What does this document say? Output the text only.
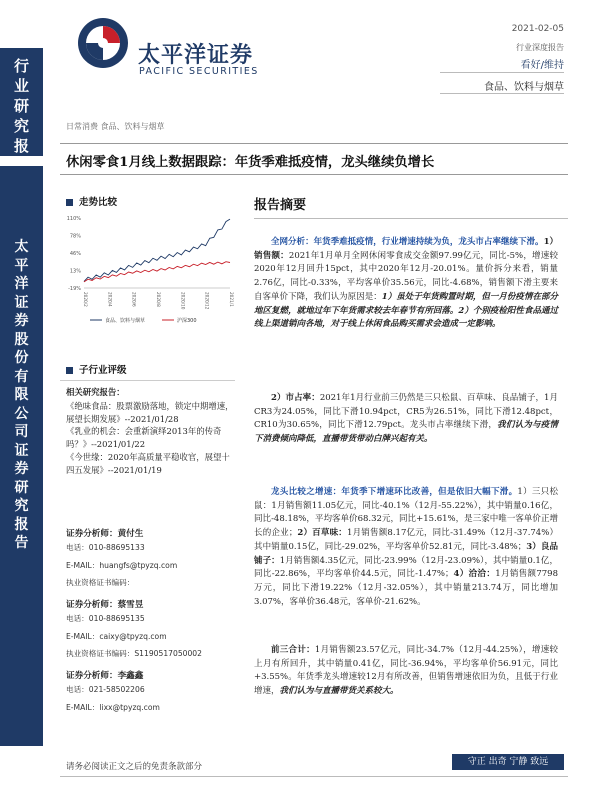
行
业
研
究
报
太
平
洋
证
券
股
份
有
限
公
司
证
券
研
究
报
告
太平洋证券
PACIFIC SECURITIES
2021-02-05
行业深度报告
看好/维持
食品、饮料与烟草
日常消费 食品、饮料与烟草
休闲零食1月线上数据跟踪：年货季难抵疫情，龙头继续负增长
走势比较
110%
78%
46%
13%
-19%
2020/2	2020/4	2020/6	2020/8	2020/10	2020/12	2021/1
食品、饮料与烟草	沪深300
子行业评级
相关研究报告：
《绝味食品：股票激励落地，锁定中期增速，展望长期发展》--2021/01/28
《乳业的机会：会重新演绎2013年的传奇吗？》--2021/01/22
《今世缘：2020年高质量平稳收官，展望十四五发展》--2021/01/19
证券分析师：黄付生
电话：010-88695133
E-MAIL：huangfs@tpyzq.com
执业资格证书编码：
证券分析师：蔡雪昱
电话：010-88695135
E-MAIL：caixy@tpyzq.com
执业资格证书编码：S1190517050002
证券分析师：李鑫鑫
电话：021-58502206
E-MAIL：lixx@tpyzq.com
报告摘要
全网分析：年货季难抵疫情，行业增速持续为负，龙头市占率继续下滑。1）销售额：2021年1月单月全网休闲零食成交金额97.99亿元，同比-5%，增速较2020年12月回升15pct，其中2020年12月-20.01%。量价拆分来看，销量2.76亿，同比-0.33%，平均客单价35.56元，同比-4.68%，销售额下滑主要来自客单价下降，我们认为原因是：1）虽处于年货购置时期，但一月份疫情在部分地区复燃，就地过年下年货需求较去年春节有所回落。2）个别疫检阳性食品通过线上渠道销向各地，对于线上休闲食品购买需求会造成一定影响。
2）市占率：2021年1月行业前三仍然是三只松鼠、百草味、良品铺子，1月CR3为24.05%，同比下滑10.94pct，CR5为26.51%，同比下滑12.48pct，CR10为30.65%，同比下滑12.79pct。龙头市占率继续下滑，我们认为与疫情下消费倾向降低，直播带货带动白牌兴起有关。
龙头比较之增速：年货季下增速环比改善，但是依旧大幅下滑。1）三只松鼠：1月销售额11.05亿元，同比-40.1%（12月-55.22%），其中销量0.16亿，同比-48.18%，平均客单价68.32元，同比+15.61%，是三家中唯一客单价正增长的企业；2）百草味：1月销售额8.17亿元，同比-31.49%（12月-37.74%）其中销量0.15亿，同比-29.02%，平均客单价52.81元，同比-3.48%；3）良品铺子：1月销售额4.35亿元，同比-23.99%（12月-23.09%），其中销量0.1亿，同比-22.86%，平均客单价44.5元，同比-1.47%；4）洽洽：1月销售额7798万元，同比下滑19.22%（12月-32.05%），其中销量213.74万，同比增加3.07%，客单价36.48元，客单价-21.62%。
前三合计：1月销售额23.57亿元，同比-34.7%（12月-44.25%），增速较上月有所回升，其中销量0.41亿，同比-36.94%，平均客单价56.91元，同比+3.55%。年货季龙头增速较12月有所改善，但销售增速依旧为负，且低于行业增速，我们认为与直播带货关系较大。
请务必阅读正文之后的免责条款部分	守正 出奇 宁静 致远
